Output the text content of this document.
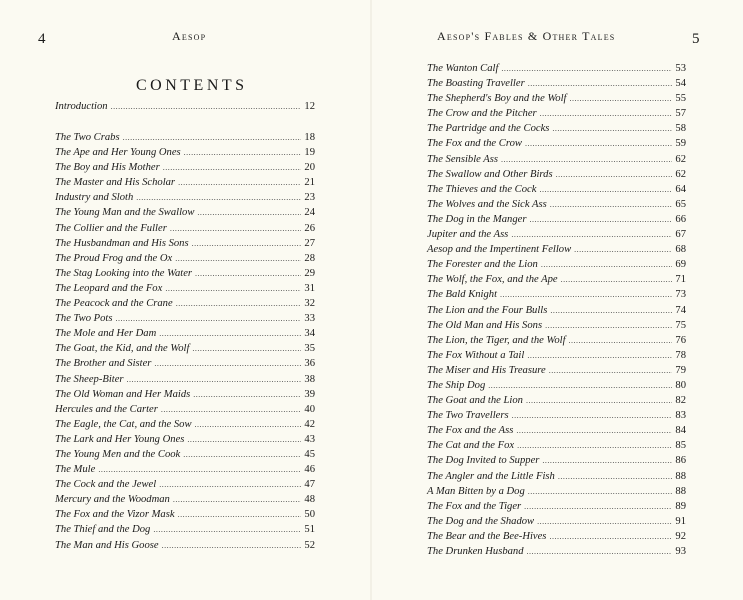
4	Aesop
CONTENTS
Introduction .....	12
The Two Crabs .....	18
The Ape and Her Young Ones .....	19
The Boy and His Mother .....	20
The Master and His Scholar .....	21
Industry and Sloth .....	23
The Young Man and the Swallow .....	24
The Collier and the Fuller .....	26
The Husbandman and His Sons .....	27
The Proud Frog and the Ox .....	28
The Stag Looking into the Water .....	29
The Leopard and the Fox .....	31
The Peacock and the Crane .....	32
The Two Pots .....	33
The Mole and Her Dam .....	34
The Goat, the Kid, and the Wolf .....	35
The Brother and Sister .....	36
The Sheep-Biter .....	38
The Old Woman and Her Maids .....	39
Hercules and the Carter .....	40
The Eagle, the Cat, and the Sow .....	42
The Lark and Her Young Ones .....	43
The Young Men and the Cook .....	45
The Mule .....	46
The Cock and the Jewel .....	47
Mercury and the Woodman .....	48
The Fox and the Vizor Mask .....	50
The Thief and the Dog .....	51
The Man and His Goose .....	52
5
Aesop's Fables & Other Tales
The Wanton Calf .....	53
The Boasting Traveller .....	54
The Shepherd's Boy and the Wolf .....	55
The Crow and the Pitcher .....	57
The Partridge and the Cocks .....	58
The Fox and the Crow .....	59
The Sensible Ass .....	62
The Swallow and Other Birds .....	62
The Thieves and the Cock .....	64
The Wolves and the Sick Ass .....	65
The Dog in the Manger .....	66
Jupiter and the Ass .....	67
Aesop and the Impertinent Fellow .....	68
The Forester and the Lion .....	69
The Wolf, the Fox, and the Ape .....	71
The Bald Knight .....	73
The Lion and the Four Bulls .....	74
The Old Man and His Sons .....	75
The Lion, the Tiger, and the Wolf .....	76
The Fox Without a Tail .....	78
The Miser and His Treasure .....	79
The Ship Dog .....	80
The Goat and the Lion .....	82
The Two Travellers .....	83
The Fox and the Ass .....	84
The Cat and the Fox .....	85
The Dog Invited to Supper .....	86
The Angler and the Little Fish .....	88
A Man Bitten by a Dog .....	88
The Fox and the Tiger .....	89
The Dog and the Shadow .....	91
The Bear and the Bee-Hives .....	92
The Drunken Husband .....	93
